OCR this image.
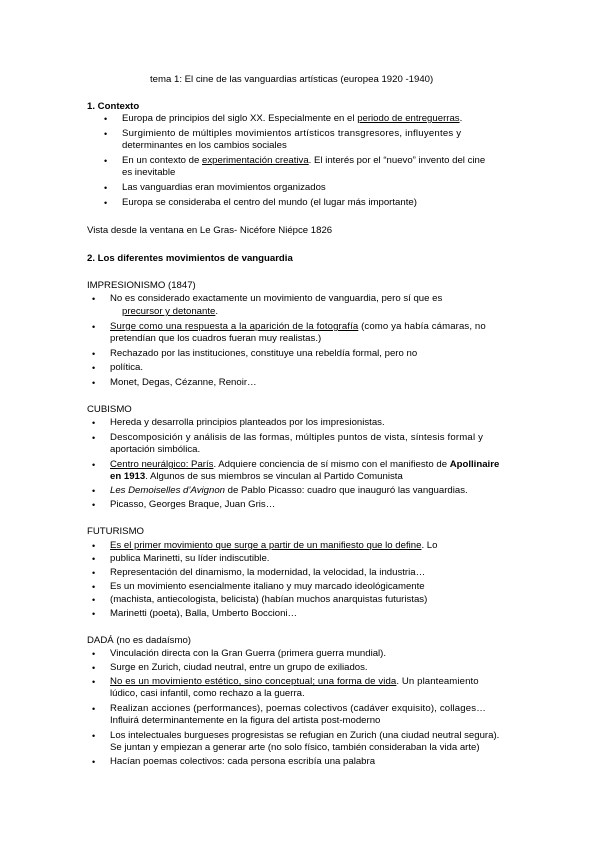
tema 1: El cine de las vanguardias artísticas (europea 1920 -1940)
1. Contexto
• Europa de principios del siglo XX. Especialmente en el periodo de entreguerras.
• Surgimiento de múltiples movimientos artísticos transgresores, influyentes y
determinantes en los cambios sociales
• En un contexto de experimentación creativa. El interés por el “nuevo” invento del cine
es inevitable
• Las vanguardias eran movimientos organizados
• Europa se consideraba el centro del mundo (el lugar más importante)
Vista desde la ventana en Le Gras- Nicéfore Niépce 1826
2. Los diferentes movimientos de vanguardia
IMPRESIONISMO (1847)
• No es considerado exactamente un movimiento de vanguardia, pero sí que es
precursor y detonante.
• Surge como una respuesta a la aparición de la fotografía (como ya había cámaras, no
pretendían que los cuadros fueran muy realistas.)
• Rechazado por las instituciones, constituye una rebeldía formal, pero no
• política.
• Monet, Degas, Cézanne, Renoir…
CUBISMO
• Hereda y desarrolla principios planteados por los impresionistas.
• Descomposición y análisis de las formas, múltiples puntos de vista, síntesis formal y
aportación simbólica.
• Centro neurálgico: París. Adquiere conciencia de sí mismo con el manifiesto de Apollinaire
en 1913. Algunos de sus miembros se vinculan al Partido Comunista
• Les Demoiselles d’Avignon de Pablo Picasso: cuadro que inauguró las vanguardias.
• Picasso, Georges Braque, Juan Gris…
FUTURISMO
• Es el primer movimiento que surge a partir de un manifiesto que lo define. Lo
• publica Marinetti, su líder indiscutible.
• Representación del dinamismo, la modernidad, la velocidad, la industria…
• Es un movimiento esencialmente italiano y muy marcado ideológicamente
• (machista, antiecologista, belicista) (habían muchos anarquistas futuristas)
• Marinetti (poeta), Balla, Umberto Boccioni…
DADÁ (no es dadaísmo)
• Vinculación directa con la Gran Guerra (primera guerra mundial).
• Surge en Zurich, ciudad neutral, entre un grupo de exiliados.
• No es un movimiento estético, sino conceptual; una forma de vida. Un planteamiento
lúdico, casi infantil, como rechazo a la guerra.
• Realizan acciones (performances), poemas colectivos (cadáver exquisito), collages…
Influirá determinantemente en la figura del artista post-moderno
• Los intelectuales burgueses progresistas se refugian en Zurich (una ciudad neutral segura).
Se juntan y empiezan a generar arte (no solo físico, también consideraban la vida arte)
• Hacían poemas colectivos: cada persona escribía una palabra
